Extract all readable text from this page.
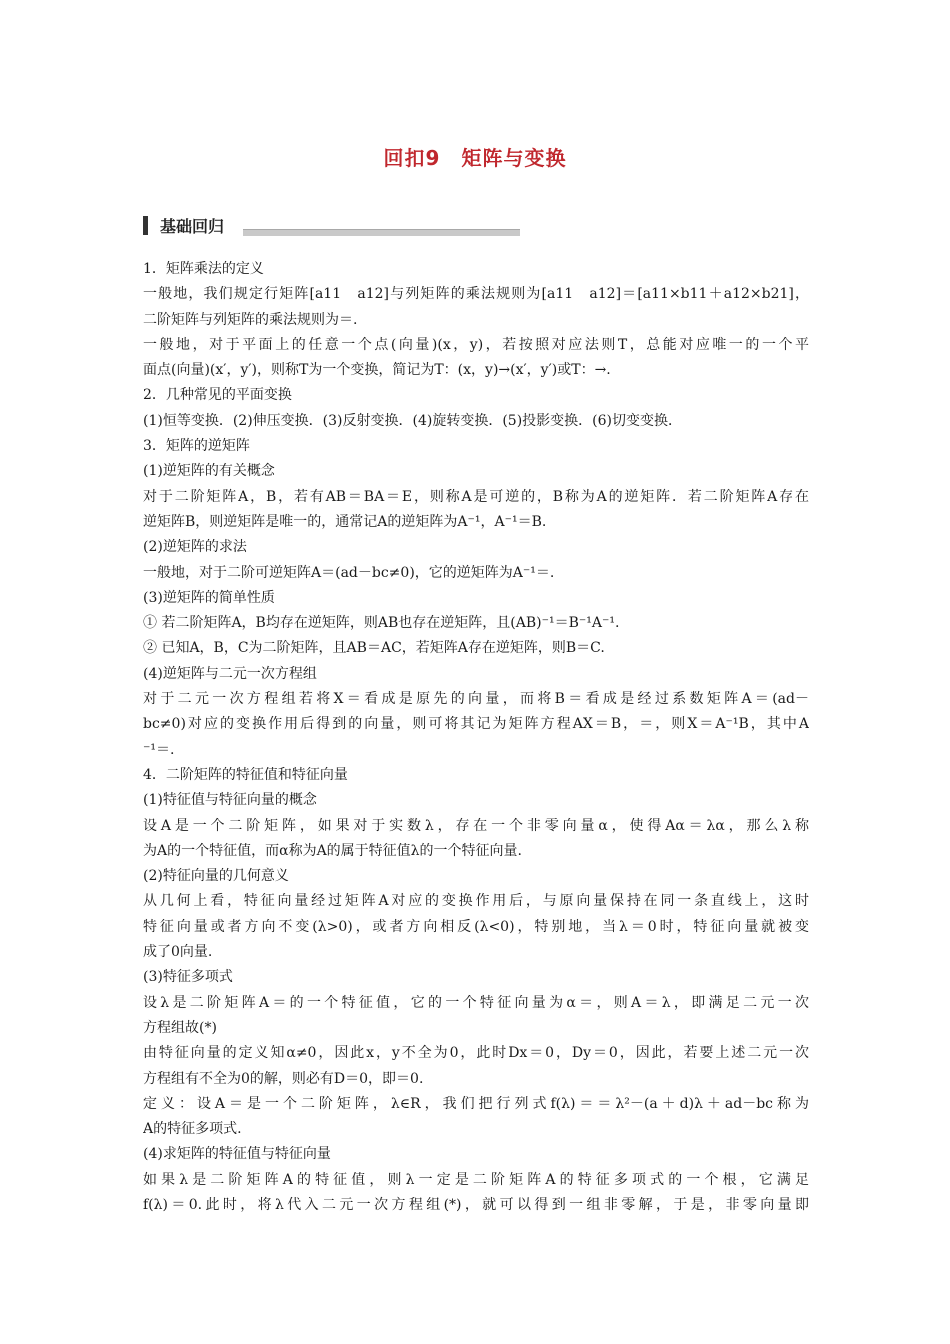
回扣9　矩阵与变换
基础回归
1．矩阵乘法的定义
一般地，我们规定行矩阵[a11　a12]与列矩阵的乘法规则为[a11　a12]＝[a11×b11＋a12×b21]，
二阶矩阵与列矩阵的乘法规则为＝.
一般地，对于平面上的任意一个点(向量)(x，y)，若按照对应法则T，总能对应唯一的一个平
面点(向量)(x′，y′)，则称T为一个变换，简记为T：(x，y)→(x′，y′)或T：→.
2．几种常见的平面变换
(1)恒等变换．(2)伸压变换．(3)反射变换．(4)旋转变换．(5)投影变换．(6)切变变换．
3．矩阵的逆矩阵
(1)逆矩阵的有关概念
对于二阶矩阵A，B，若有AB＝BA＝E，则称A是可逆的，B称为A的逆矩阵．若二阶矩阵A存在
逆矩阵B，则逆矩阵是唯一的，通常记A的逆矩阵为A⁻¹，A⁻¹＝B.
(2)逆矩阵的求法
一般地，对于二阶可逆矩阵A＝(ad－bc≠0)，它的逆矩阵为A⁻¹＝.
(3)逆矩阵的简单性质
① 若二阶矩阵A，B均存在逆矩阵，则AB也存在逆矩阵，且(AB)⁻¹＝B⁻¹A⁻¹.
② 已知A，B，C为二阶矩阵，且AB＝AC，若矩阵A存在逆矩阵，则B＝C.
(4)逆矩阵与二元一次方程组
对于二元一次方程组若将X＝看成是原先的向量，而将B＝看成是经过系数矩阵A＝(ad－
bc≠0)对应的变换作用后得到的向量，则可将其记为矩阵方程AX＝B，＝，则X＝A⁻¹B，其中A
⁻¹＝.
4．二阶矩阵的特征值和特征向量
(1)特征值与特征向量的概念
设A是一个二阶矩阵，如果对于实数λ，存在一个非零向量α，使得Aα＝λα，那么λ称
为A的一个特征值，而α称为A的属于特征值λ的一个特征向量.
(2)特征向量的几何意义
从几何上看，特征向量经过矩阵A对应的变换作用后，与原向量保持在同一条直线上，这时
特征向量或者方向不变(λ>0)，或者方向相反(λ<0)，特别地，当λ＝0时，特征向量就被变
成了0向量.
(3)特征多项式
设λ是二阶矩阵A＝的一个特征值，它的一个特征向量为α＝，则A＝λ，即满足二元一次
方程组故(*)
由特征向量的定义知α≠0，因此x，y不全为0，此时Dx＝0，Dy＝0，因此，若要上述二元一次
方程组有不全为0的解，则必有D＝0，即＝0.
定义：设A＝是一个二阶矩阵，λ∈R，我们把行列式f(λ)＝＝λ²－(a＋d)λ＋ad－bc称为
A的特征多项式.
(4)求矩阵的特征值与特征向量
如果λ是二阶矩阵A的特征值，则λ一定是二阶矩阵A的特征多项式的一个根，它满足
f(λ)＝0.此时，将λ代入二元一次方程组(*)，就可以得到一组非零解，于是，非零向量即
